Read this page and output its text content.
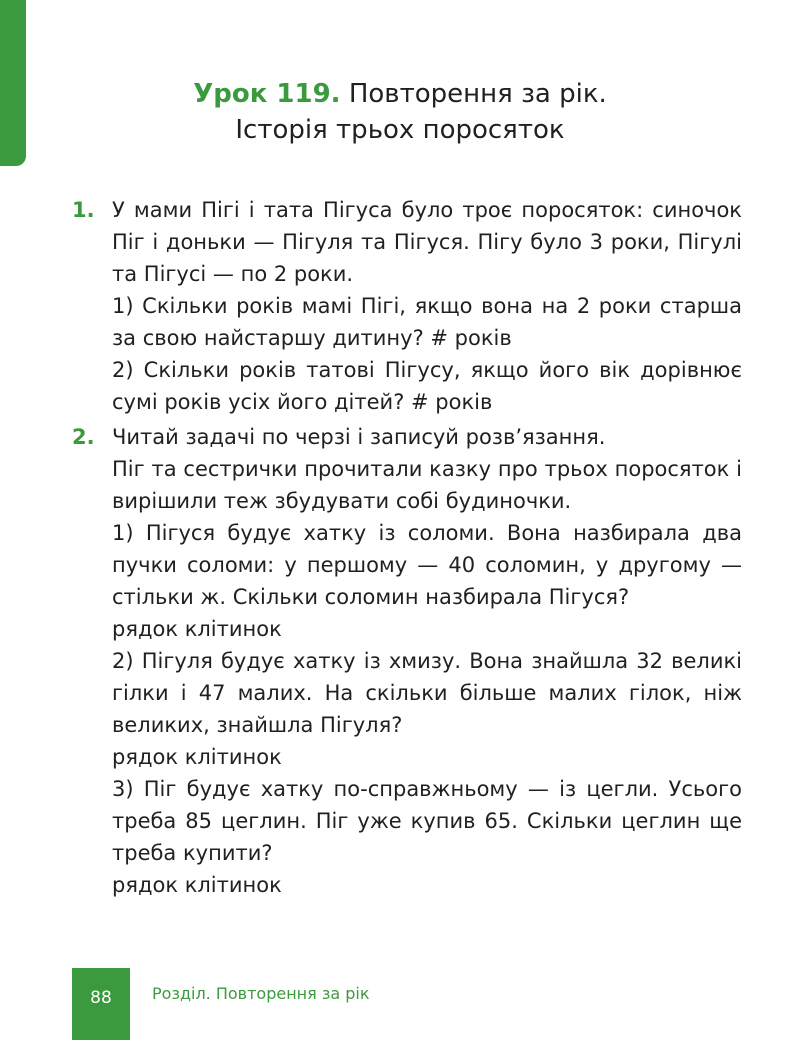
Урок 119. Повторення за рік.
Історія трьох поросяток
1. У мами Пігі і тата Пігуса було троє поросяток: синочок Піг і доньки — Пігуля та Пігуся. Пігу було 3 роки, Пігулі та Пігусі — по 2 роки.

1) Скільки років мамі Пігі, якщо вона на 2 роки старша за свою найстаршу дитину? # років

2) Скільки років татові Пігусу, якщо його вік дорівнює сумі років усіх його дітей? # років

2. Читай задачі по черзі і записуй розв’язання.

Піг та сестрички прочитали казку про трьох поросяток і вирішили теж збудувати собі будиночки.

1) Пігуся будує хатку із соломи. Вона назбирала два пучки соломи: у першому — 40 соломин, у другому — стільки ж. Скільки соломин назбирала Пігуся?

рядок клітинок

2) Пігуля будує хатку із хмизу. Вона знайшла 32 великі гілки і 47 малих. На скільки більше малих гілок, ніж великих, знайшла Пігуля?

рядок клітинок

3) Піг будує хатку по-справжньому — із цегли. Усього треба 85 цеглин. Піг уже купив 65. Скільки цеглин ще треба купити?

рядок клітинок

88	Розділ. Повторення за рік
